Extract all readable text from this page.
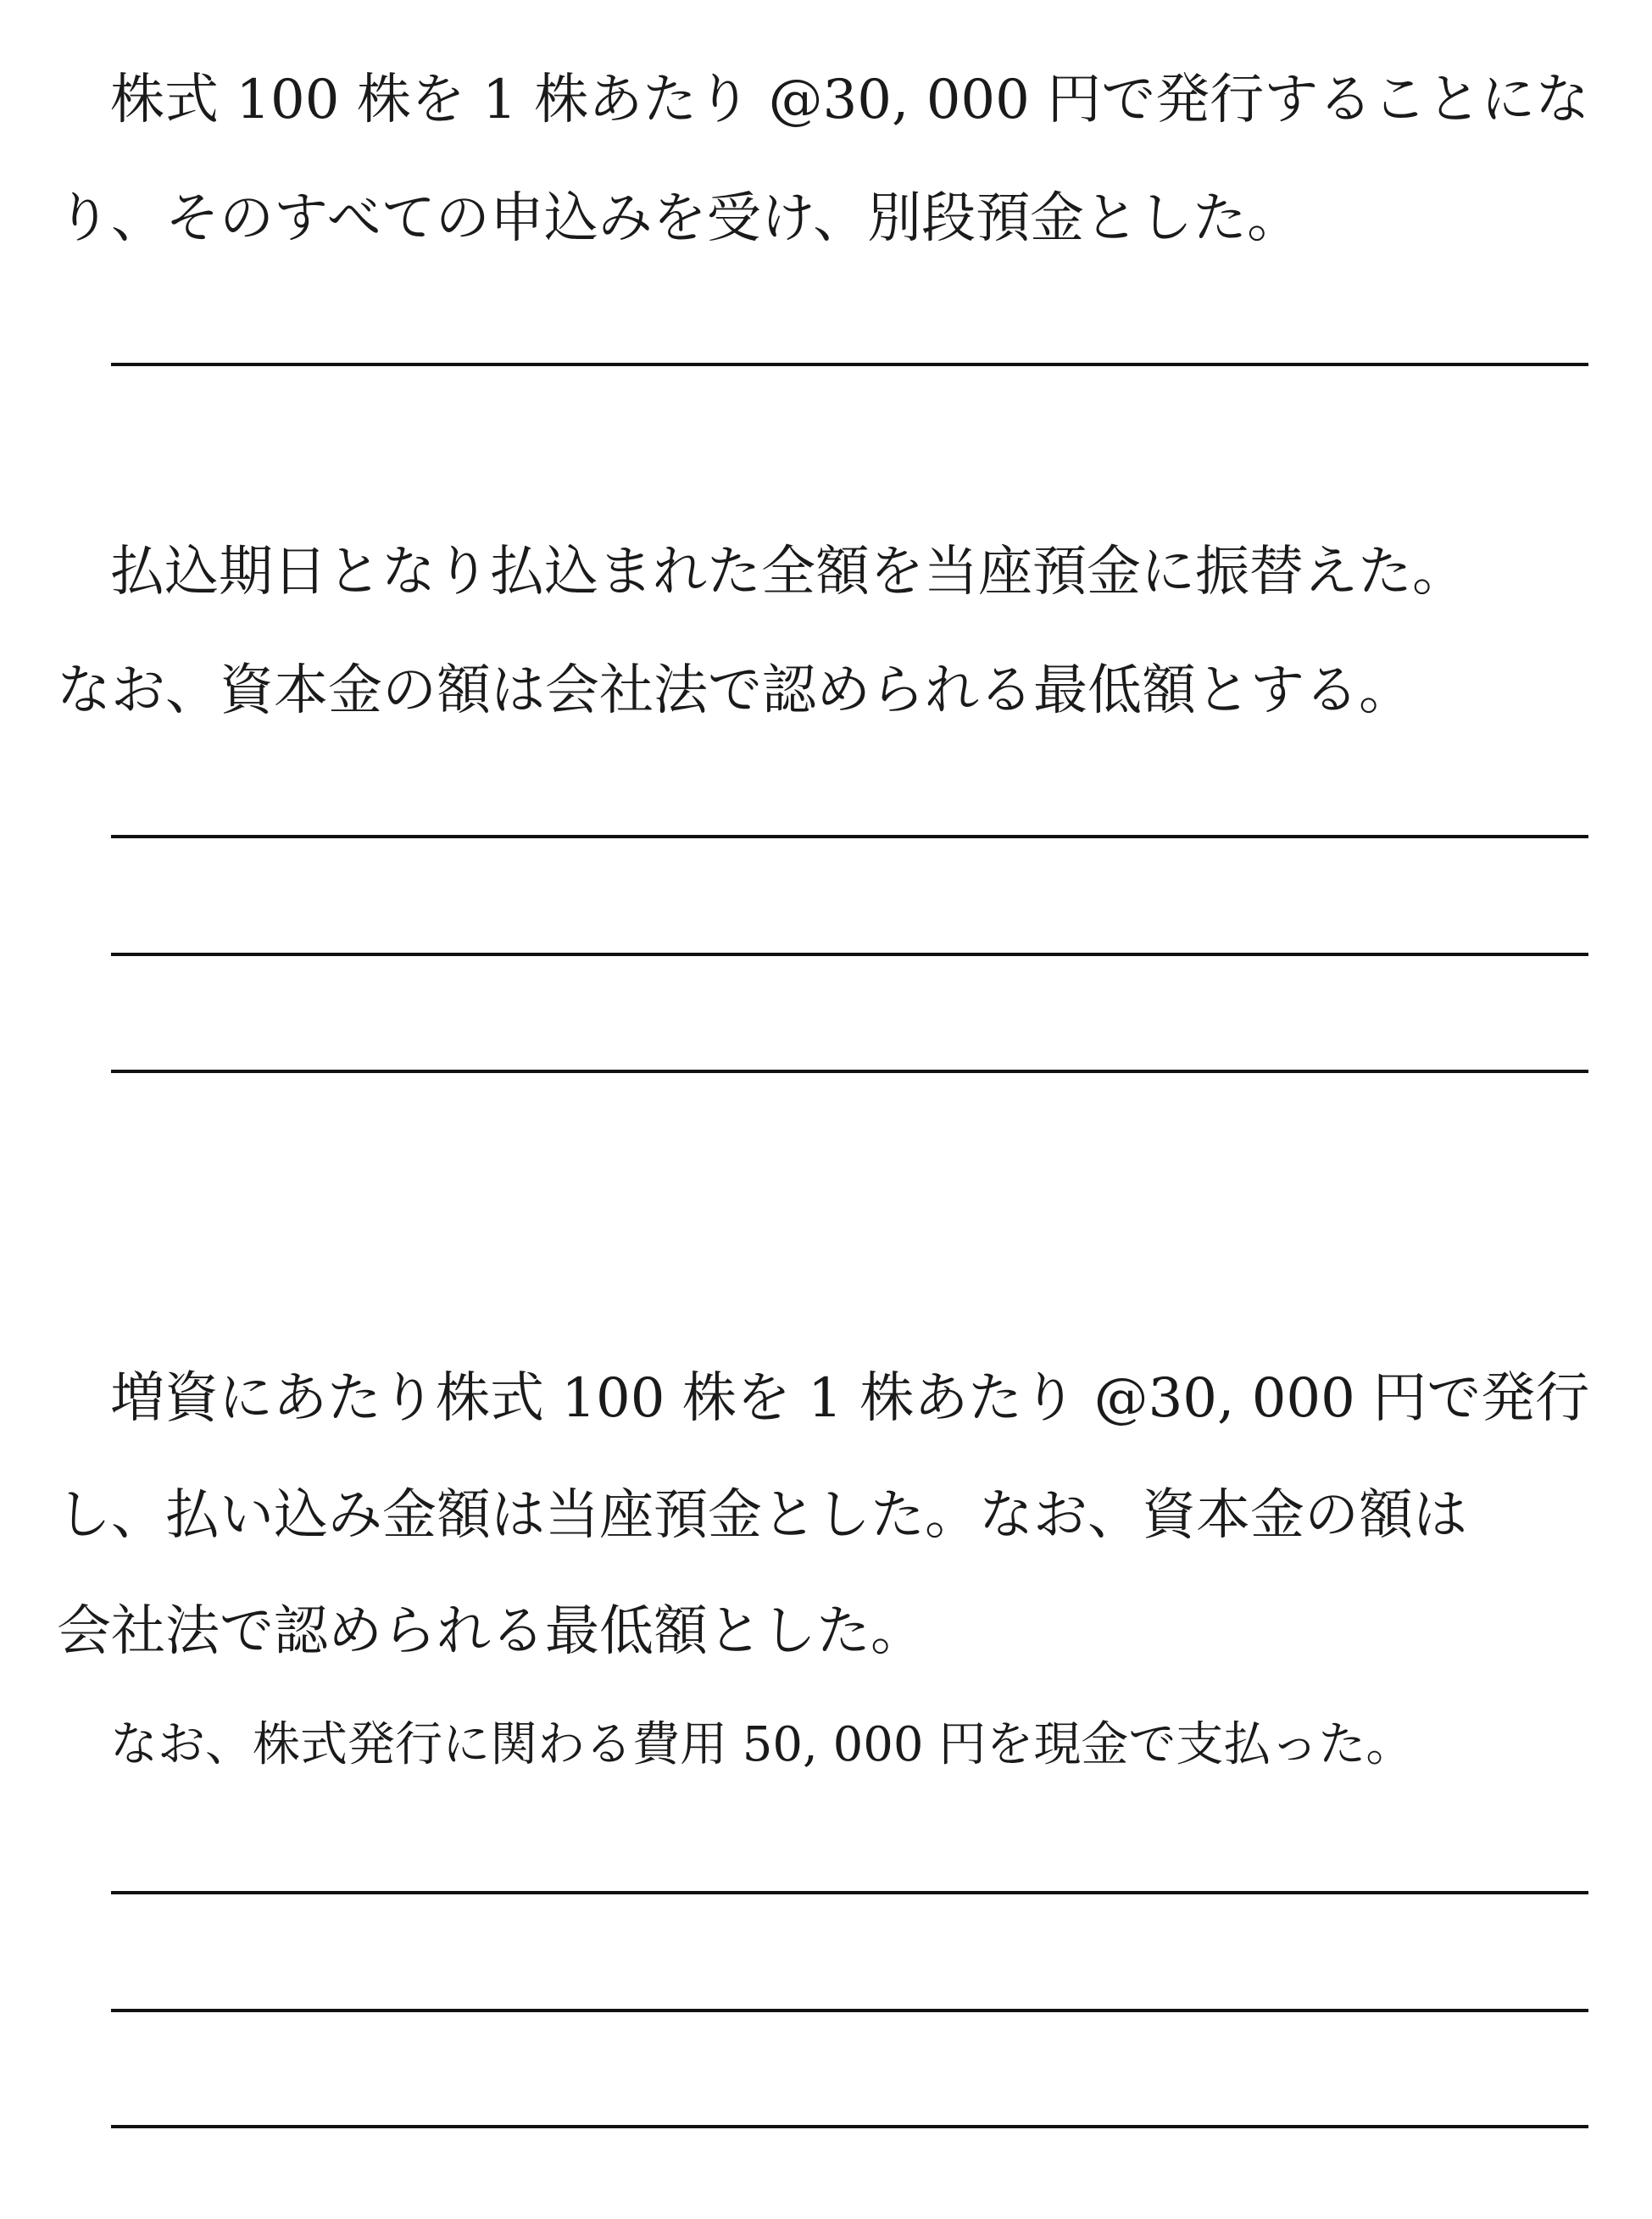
株式 100 株を 1 株あたり @30, 000 円で発行することにな
り、そのすべての申込みを受け、別段預金とした。
払込期日となり払込まれた全額を当座預金に振替えた。
なお、資本金の額は会社法で認められる最低額とする。
増資にあたり株式 100 株を 1 株あたり @30, 000 円で発行
し、払い込み金額は当座預金とした。なお、資本金の額は
会社法で認められる最低額とした。
なお、株式発行に関わる費用 50, 000 円を現金で支払った。
